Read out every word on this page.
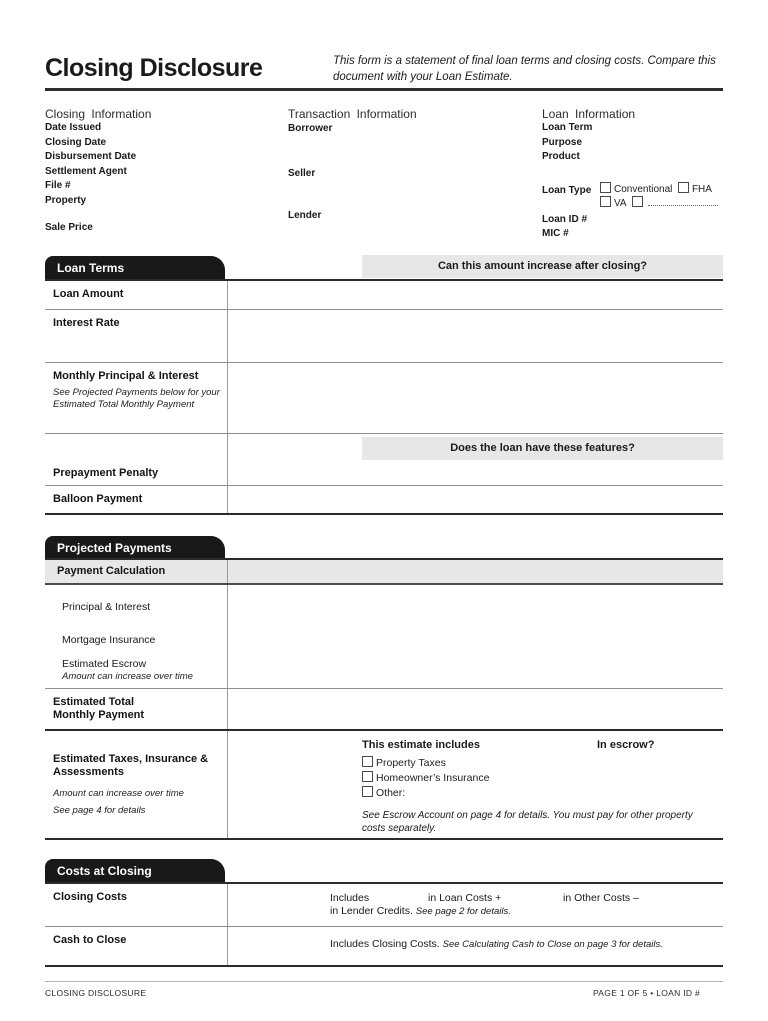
Closing Disclosure	This form is a statement of final loan terms and closing costs. Compare this document with your Loan Estimate.
Closing Information
Date Issued
Closing Date
Disbursement Date
Settlement Agent
File #
Property
Sale Price
Transaction Information
Borrower
Seller
Lender
Loan Information
Loan Term
Purpose
Product
Loan Type	Conventional FHA
VA
Loan ID #
MIC #
Loan Terms	Can this amount increase after closing?
Loan Amount
Interest Rate
Monthly Principal & Interest
See Projected Payments below for your Estimated Total Monthly Payment
Does the loan have these features?
Prepayment Penalty
Balloon Payment
Projected Payments
Payment Calculation
Principal & Interest
Mortgage Insurance
Estimated Escrow
Amount can increase over time
Estimated Total Monthly Payment
Estimated Taxes, Insurance & Assessments
Amount can increase over time
See page 4 for details
This estimate includes	In escrow?
Property Taxes
Homeowner’s Insurance
Other:
See Escrow Account on page 4 for details. You must pay for other property costs separately.
Costs at Closing
Closing Costs	Includes	in Loan Costs +	in Other Costs –
in Lender Credits. See page 2 for details.
Cash to Close	Includes Closing Costs. See Calculating Cash to Close on page 3 for details.
CLOSING DISCLOSURE	PAGE 1 OF 5 • LOAN ID #
